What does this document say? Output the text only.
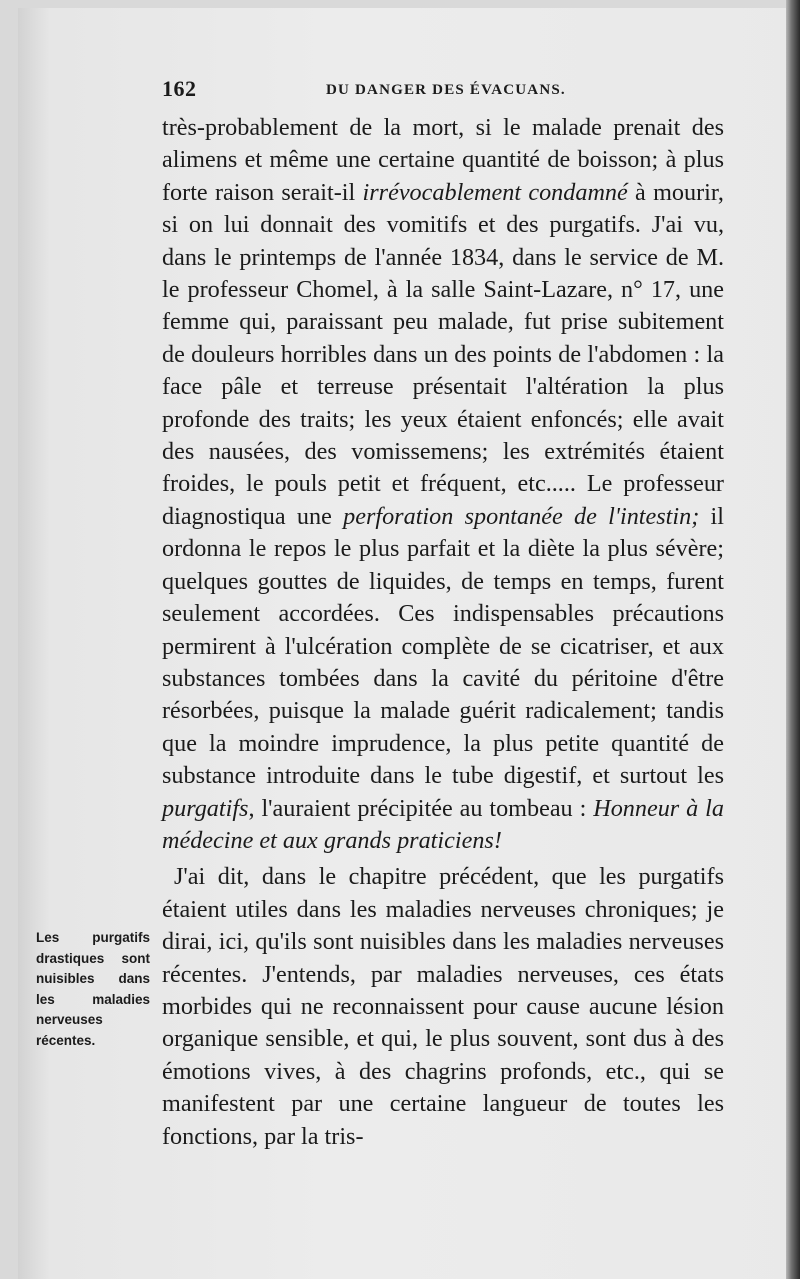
162	DU DANGER DES ÉVACUANS.

très-probablement de la mort, si le malade prenait des alimens et même une certaine quantité de boisson; à plus forte raison serait-il irrévocablement condamné à mourir, si on lui donnait des vomitifs et des purgatifs. J'ai vu, dans le printemps de l'année 1834, dans le service de M. le professeur Chomel, à la salle Saint-Lazare, n° 17, une femme qui, paraissant peu malade, fut prise subitement de douleurs horribles dans un des points de l'abdomen : la face pâle et terreuse présentait l'altération la plus profonde des traits; les yeux étaient enfoncés; elle avait des nausées, des vomissemens; les extrémités étaient froides, le pouls petit et fréquent, etc..... Le professeur diagnostiqua une perforation spontanée de l'intestin; il ordonna le repos le plus parfait et la diète la plus sévère; quelques gouttes de liquides, de temps en temps, furent seulement accordées. Ces indispensables précautions permirent à l'ulcération complète de se cicatriser, et aux substances tombées dans la cavité du péritoine d'être résorbées, puisque la malade guérit radicalement; tandis que la moindre imprudence, la plus petite quantité de substance introduite dans le tube digestif, et surtout les purgatifs, l'auraient précipitée au tombeau : Honneur à la médecine et aux grands praticiens!

J'ai dit, dans le chapitre précédent, que les purgatifs étaient utiles dans les maladies nerveuses chroniques; je dirai, ici, qu'ils sont nuisibles dans les maladies nerveuses récentes. J'entends, par maladies nerveuses, ces états morbides qui ne reconnaissent pour cause aucune lésion organique sensible, et qui, le plus souvent, sont dus à des émotions vives, à des chagrins profonds, etc., qui se manifestent par une certaine langueur de toutes les fonctions, par la tris-

Les purgatifs drastiques sont nuisibles dans les maladies nerveuses récentes.
